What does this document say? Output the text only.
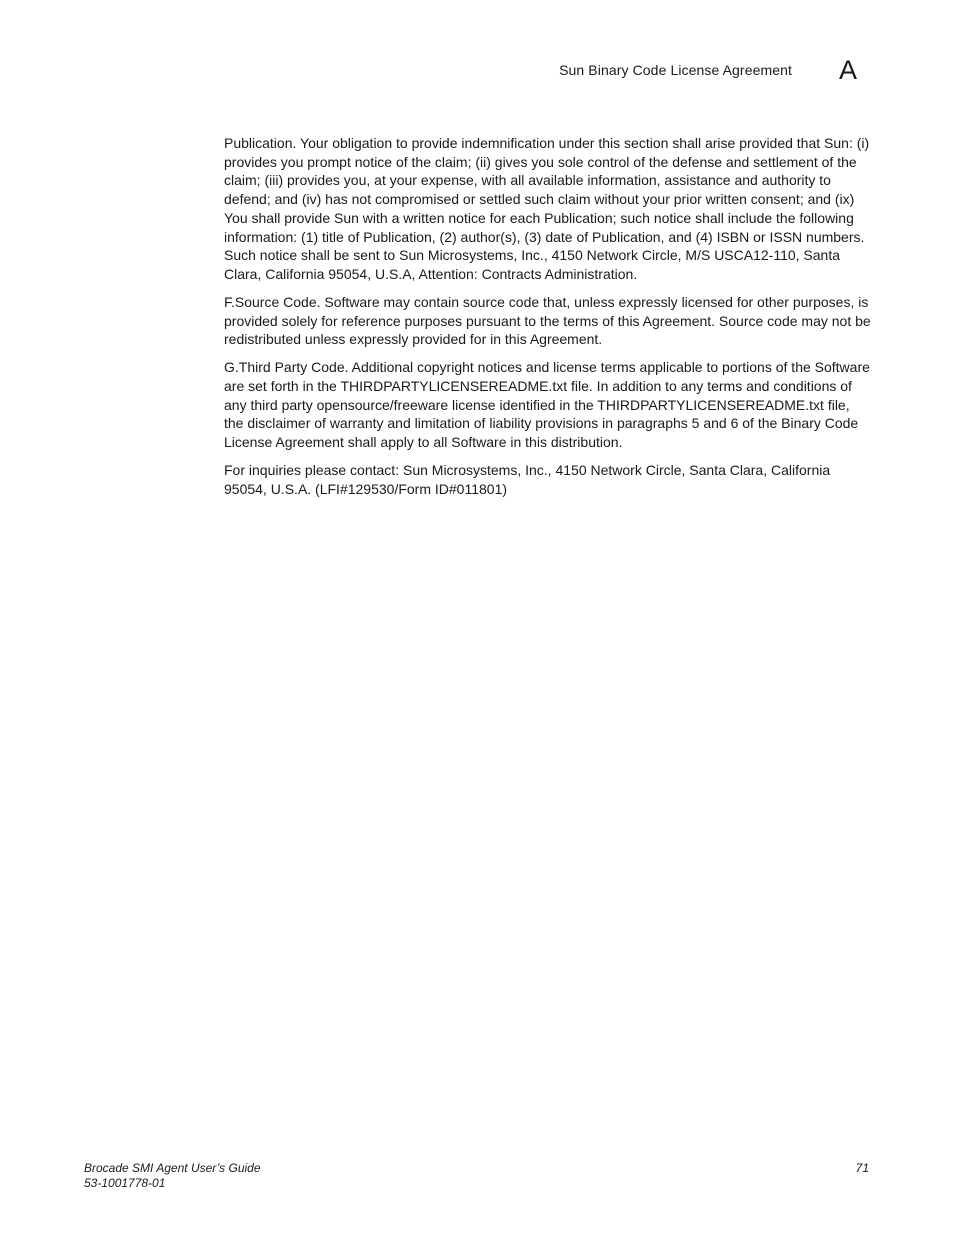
Sun Binary Code License Agreement A

Publication. Your obligation to provide indemnification under this section shall arise provided that Sun: (i) provides you prompt notice of the claim; (ii) gives you sole control of the defense and settlement of the claim; (iii) provides you, at your expense, with all available information, assistance and authority to defend; and (iv) has not compromised or settled such claim without your prior written consent; and (ix) You shall provide Sun with a written notice for each Publication; such notice shall include the following information: (1) title of Publication, (2) author(s), (3) date of Publication, and (4) ISBN or ISSN numbers. Such notice shall be sent to Sun Microsystems, Inc., 4150 Network Circle, M/S USCA12-110, Santa Clara, California 95054, U.S.A, Attention: Contracts Administration.

F.Source Code. Software may contain source code that, unless expressly licensed for other purposes, is provided solely for reference purposes pursuant to the terms of this Agreement. Source code may not be redistributed unless expressly provided for in this Agreement.

G.Third Party Code. Additional copyright notices and license terms applicable to portions of the Software are set forth in the THIRDPARTYLICENSEREADME.txt file. In addition to any terms and conditions of any third party opensource/freeware license identified in the THIRDPARTYLICENSEREADME.txt file, the disclaimer of warranty and limitation of liability provisions in paragraphs 5 and 6 of the Binary Code License Agreement shall apply to all Software in this distribution.

For inquiries please contact: Sun Microsystems, Inc., 4150 Network Circle, Santa Clara, California 95054, U.S.A. (LFI#129530/Form ID#011801)

Brocade SMI Agent User’s Guide
53-1001778-01
71
